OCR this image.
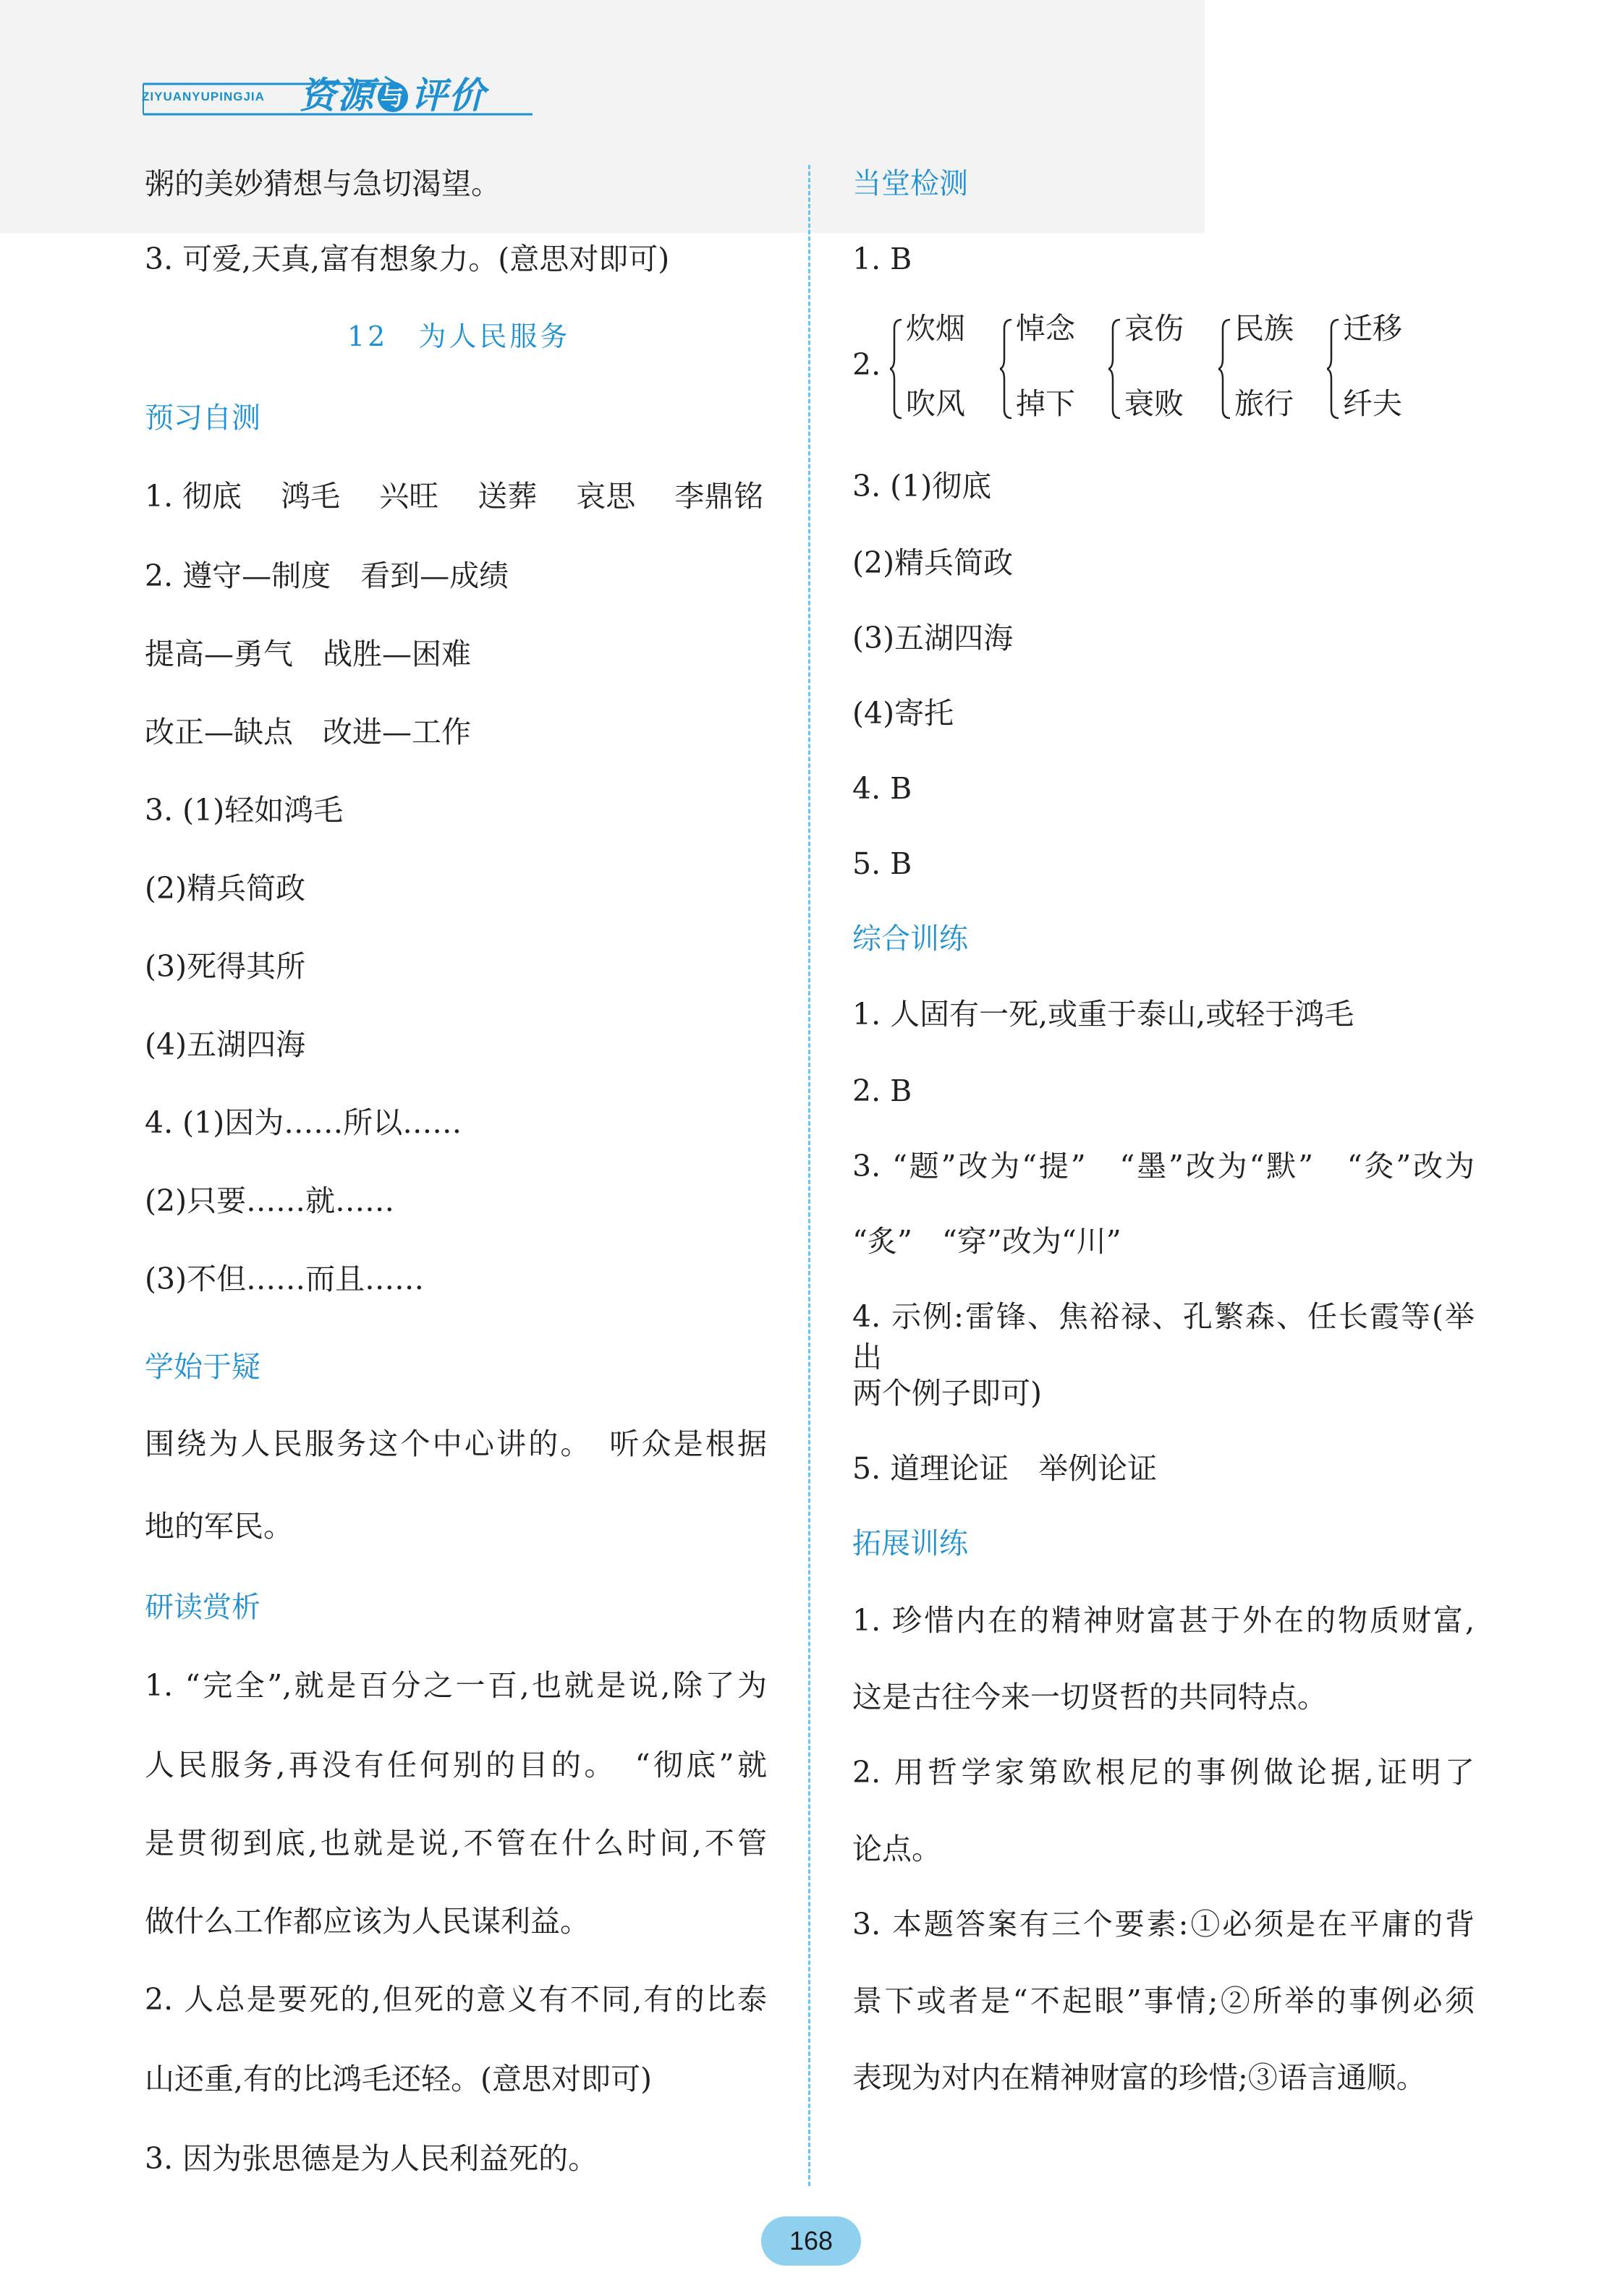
ZIYUANYUPINGJIA 资源 与 评价
粥的美妙猜想与急切渴望。
3. 可爱,天真,富有想象力。(意思对即可)
12　为人民服务
预习自测
1. 彻底　 鸿毛　 兴旺　 送葬　 哀思　 李鼎铭
2. 遵守—制度　看到—成绩
提高—勇气　战胜—困难
改正—缺点　改进—工作
3. (1)轻如鸿毛
(2)精兵简政
(3)死得其所
(4)五湖四海
4. (1)因为……所以……
(2)只要……就……
(3)不但……而且……
学始于疑
围绕为人民服务这个中心讲的。　听众是根据
地的军民。
研读赏析
1. “完全”,就是百分之一百,也就是说,除了为
人民服务,再没有任何别的目的。　“彻底”就
是贯彻到底,也就是说,不管在什么时间,不管
做什么工作都应该为人民谋利益。
2. 人总是要死的,但死的意义有不同,有的比泰
山还重,有的比鸿毛还轻。(意思对即可)
3. 因为张思德是为人民利益死的。
当堂检测
1. B
2.
炊烟
吹风
悼念
掉下
哀伤
衰败
民族
旅行
迁移
纤夫
3. (1)彻底
(2)精兵简政
(3)五湖四海
(4)寄托
4. B
5. B
综合训练
1. 人固有一死,或重于泰山,或轻于鸿毛
2. B
3. “题”改为“提”　“墨”改为“默”　“灸”改为
“炙”　“穿”改为“川”
4. 示例:雷锋、焦裕禄、孔繁森、任长霞等(举出
两个例子即可)
5. 道理论证　举例论证
拓展训练
1. 珍惜内在的精神财富甚于外在的物质财富,
这是古往今来一切贤哲的共同特点。
2. 用哲学家第欧根尼的事例做论据,证明了
论点。
3. 本题答案有三个要素:①必须是在平庸的背
景下或者是“不起眼”事情;②所举的事例必须
表现为对内在精神财富的珍惜;③语言通顺。
168
